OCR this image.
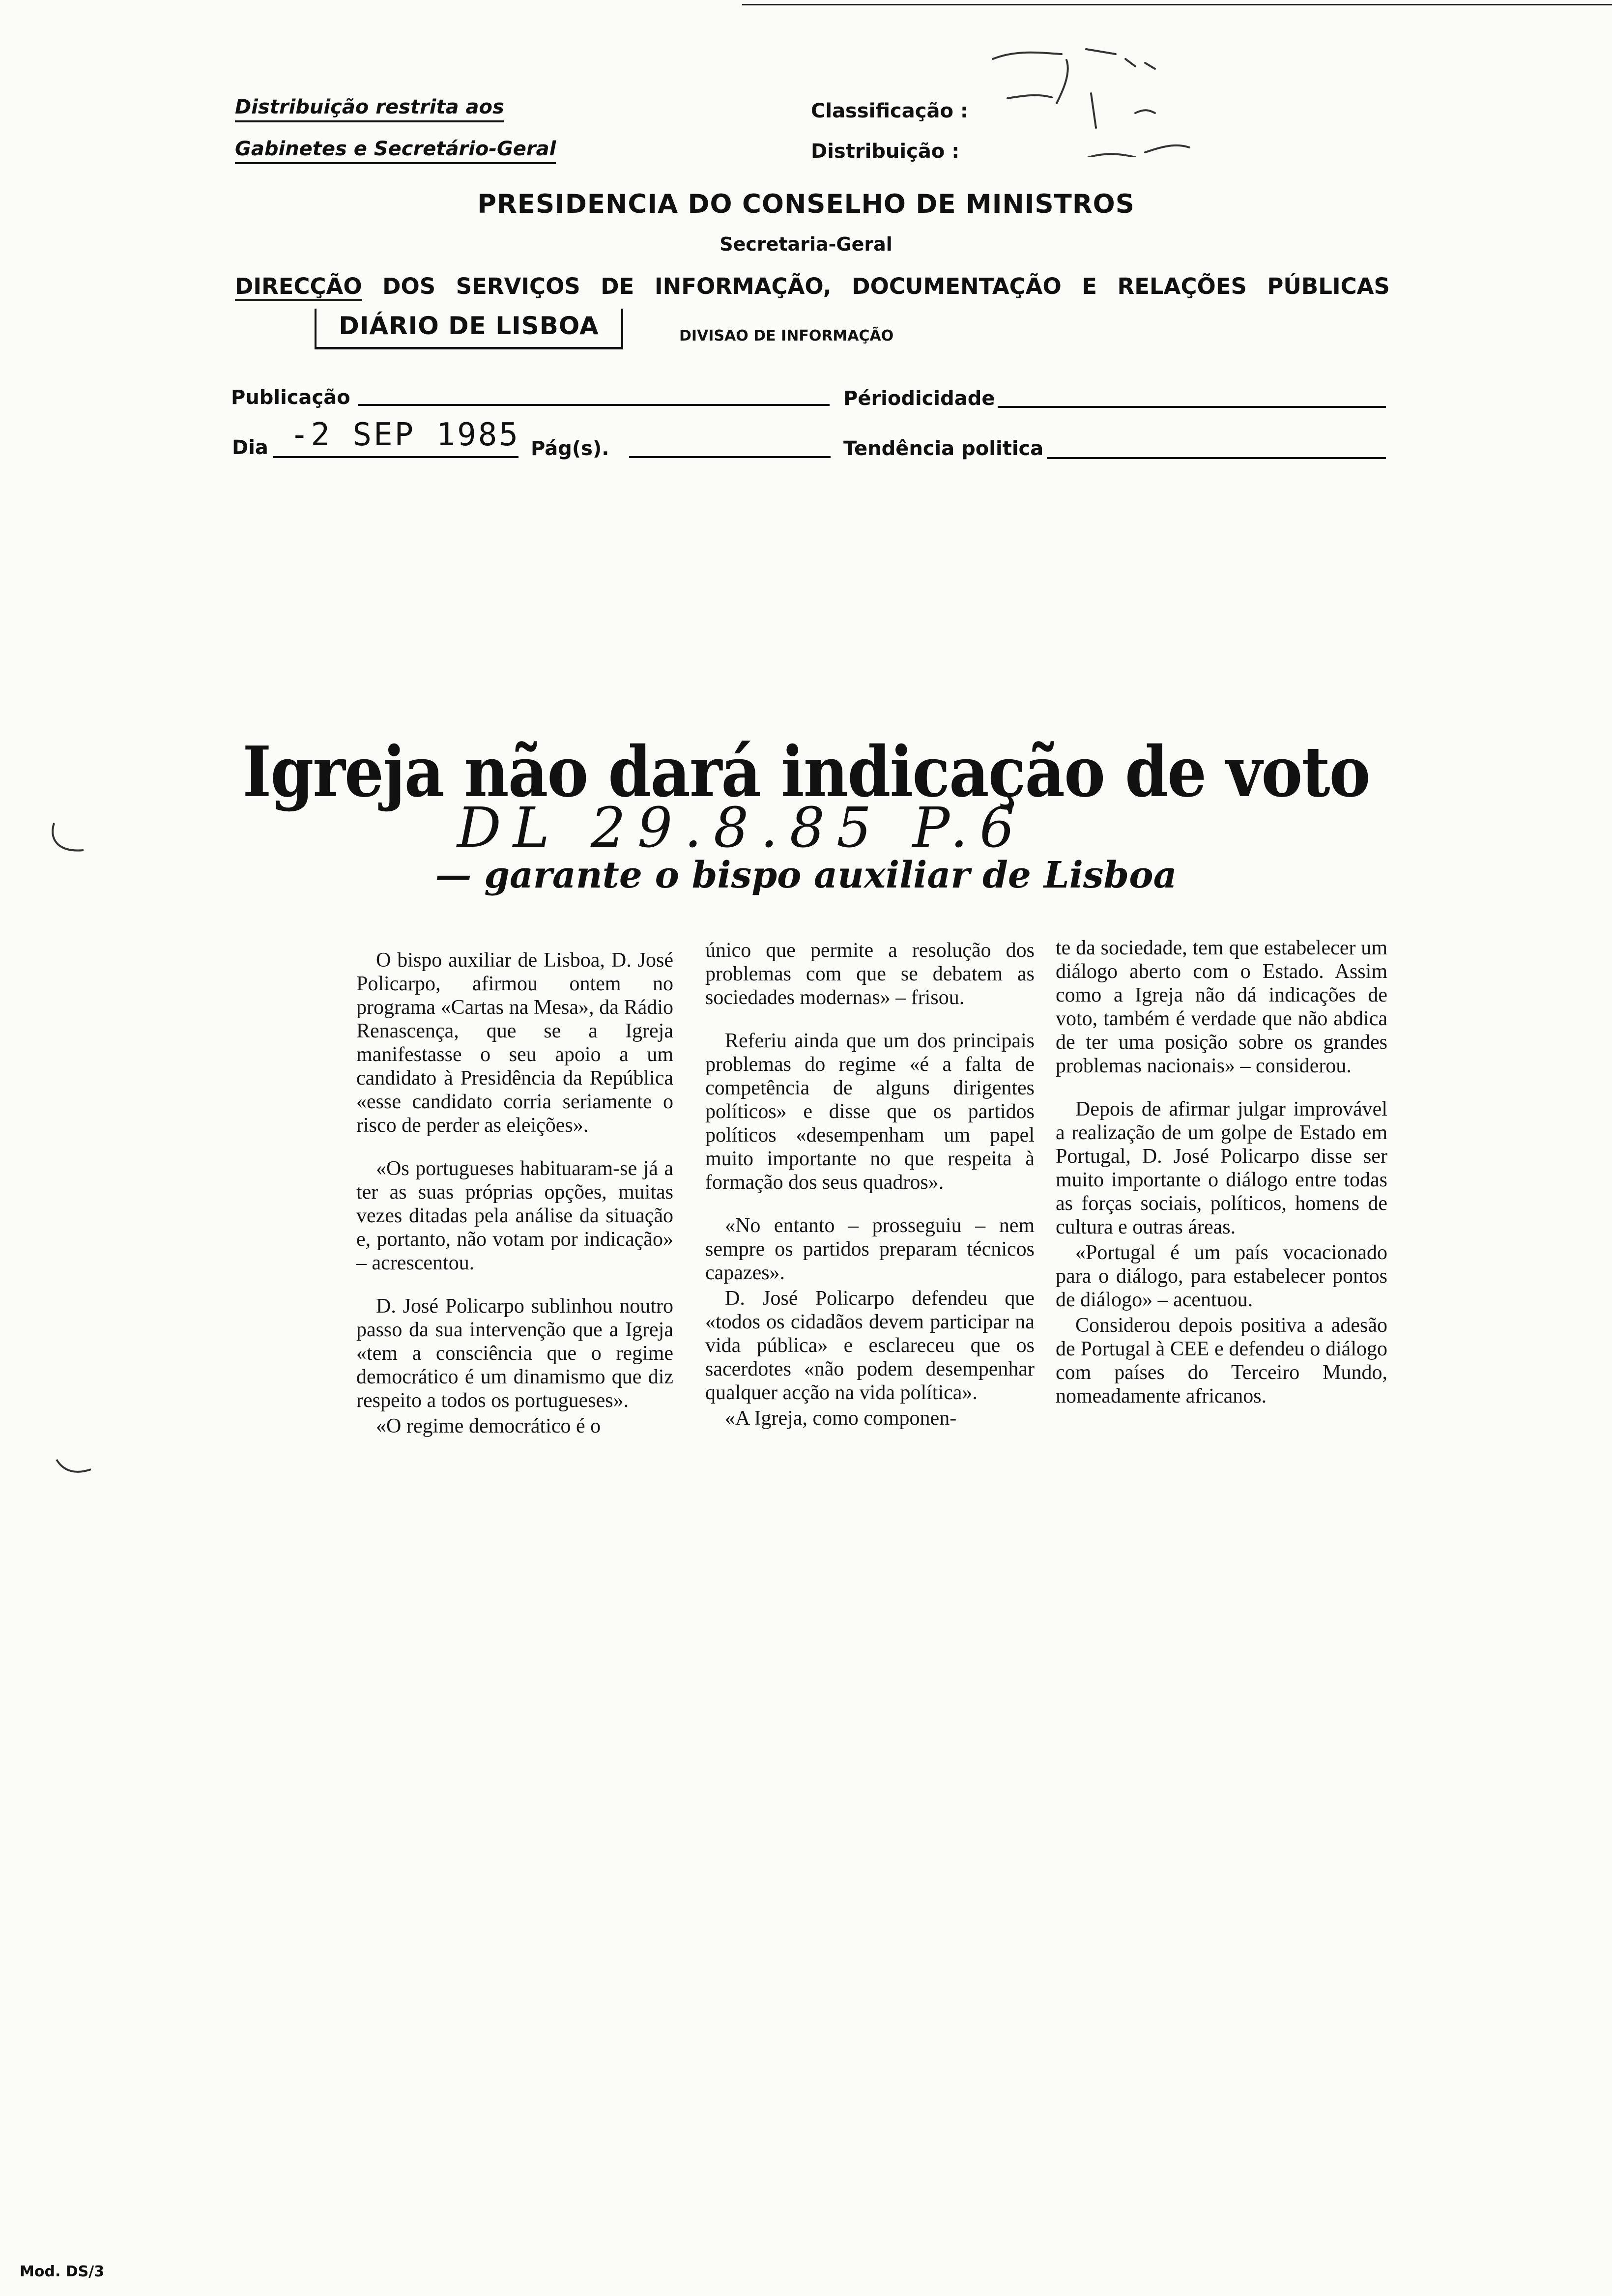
Distribuição restrita aos
Gabinetes e Secretário-Geral
Classificação :
Distribuição :
PRESIDENCIA DO CONSELHO DE MINISTROS
Secretaria-Geral
DIRECÇÃO DOS SERVIÇOS DE INFORMAÇÃO, DOCUMENTAÇÃO E RELAÇÕES PÚBLICAS
DIÁRIO DE LISBOA	DIVISAO DE INFORMAÇÃO
Publicação	Périodicidade
Dia -2 SEP 1985 Pág(s).	Tendência politica
Igreja não dará indicação de voto
DL 29.8.85 P.6
— garante o bispo auxiliar de Lisboa

O bispo auxiliar de Lisboa, D. José Policarpo, afirmou ontem no programa «Cartas na Mesa», da Rádio Renascença, que se a Igreja manifestasse o seu apoio a um candidato à Presidência da República «esse candidato corria seriamente o risco de perder as eleições».

«Os portugueses habituaram-se já a ter as suas próprias opções, muitas vezes ditadas pela análise da situação e, portanto, não votam por indicação» – acrescentou.

D. José Policarpo sublinhou noutro passo da sua intervenção que a Igreja «tem a consciência que o regime democrático é um dinamismo que diz respeito a todos os portugueses».

«O regime democrático é o

único que permite a resolução dos problemas com que se debatem as sociedades modernas» – frisou.

Referiu ainda que um dos principais problemas do regime «é a falta de competência de alguns dirigentes políticos» e disse que os partidos políticos «desempenham um papel muito importante no que respeita à formação dos seus quadros».

«No entanto – prosseguiu – nem sempre os partidos preparam técnicos capazes».

D. José Policarpo defendeu que «todos os cidadãos devem participar na vida pública» e esclareceu que os sacerdotes «não podem desempenhar qualquer acção na vida política».

«A Igreja, como componen-

te da sociedade, tem que estabelecer um diálogo aberto com o Estado. Assim como a Igreja não dá indicações de voto, também é verdade que não abdica de ter uma posição sobre os grandes problemas nacionais» – considerou.

Depois de afirmar julgar improvável a realização de um golpe de Estado em Portugal, D. José Policarpo disse ser muito importante o diálogo entre todas as forças sociais, políticos, homens de cultura e outras áreas.

«Portugal é um país vocacionado para o diálogo, para estabelecer pontos de diálogo» – acentuou.

Considerou depois positiva a adesão de Portugal à CEE e defendeu o diálogo com países do Terceiro Mundo, nomeadamente africanos.

Mod. DS/3
